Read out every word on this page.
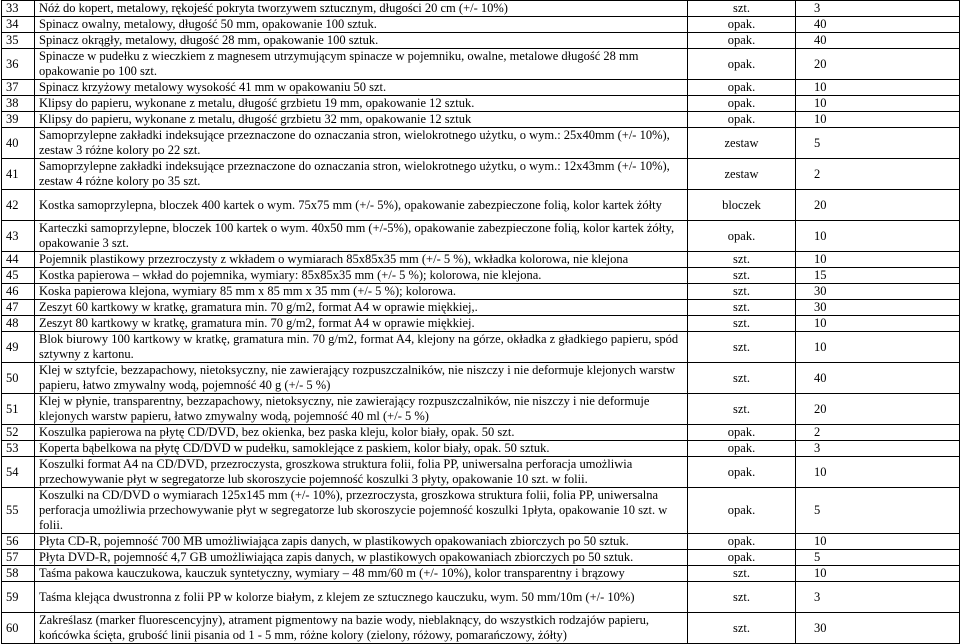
33	Nóż do kopert, metalowy, rękojeść pokryta tworzywem sztucznym, długości 20 cm (+/- 10%)	szt.	3
34	Spinacz owalny, metalowy, długość 50 mm, opakowanie 100 sztuk.	opak.	40
35	Spinacz okrągły, metalowy, długość 28 mm, opakowanie 100 sztuk.	opak.	40
36	Spinacze w pudełku z wieczkiem z magnesem utrzymującym spinacze w pojemniku, owalne, metalowe długość 28 mm opakowanie po 100 szt.	opak.	20
37	Spinacz krzyżowy metalowy wysokość 41 mm w opakowaniu 50 szt.	opak.	10
38	Klipsy do papieru, wykonane z metalu, długość grzbietu 19 mm, opakowanie 12 sztuk.	opak.	10
39	Klipsy do papieru, wykonane z metalu, długość grzbietu 32 mm, opakowanie 12 sztuk	opak.	10
40	Samoprzylepne zakładki indeksujące przeznaczone do oznaczania stron, wielokrotnego użytku, o wym.: 25x40mm (+/- 10%), zestaw 3 różne kolory po 22 szt.	zestaw	5
41	Samoprzylepne zakładki indeksujące przeznaczone do oznaczania stron, wielokrotnego użytku, o wym.: 12x43mm (+/- 10%), zestaw 4 różne kolory po 35 szt.	zestaw	2
42	Kostka samoprzylepna, bloczek 400 kartek o wym. 75x75 mm (+/- 5%), opakowanie zabezpieczone folią, kolor kartek żółty	bloczek	20
43	Karteczki samoprzylepne, bloczek 100 kartek o wym. 40x50 mm (+/-5%), opakowanie zabezpieczone folią, kolor kartek żółty, opakowanie 3 szt.	opak.	10
44	Pojemnik plastikowy przezroczysty z wkładem o wymiarach 85x85x35 mm (+/- 5 %), wkładka kolorowa, nie klejona	szt.	10
45	Kostka papierowa – wkład do pojemnika, wymiary: 85x85x35 mm (+/- 5 %); kolorowa, nie klejona.	szt.	15
46	Koska papierowa klejona, wymiary 85 mm x 85 mm x 35 mm (+/- 5 %); kolorowa.	szt.	30
47	Zeszyt 60 kartkowy w kratkę, gramatura min. 70 g/m2, format A4 w oprawie miękkiej,.	szt.	30
48	Zeszyt 80 kartkowy w kratkę, gramatura min. 70 g/m2, format A4 w oprawie miękkiej.	szt.	10
49	Blok biurowy 100 kartkowy w kratkę, gramatura min. 70 g/m2, format A4, klejony na górze, okładka z gładkiego papieru, spód sztywny z kartonu.	szt.	10
50	Klej w sztyfcie, bezzapachowy, nietoksyczny, nie zawierający rozpuszczalników, nie niszczy i nie deformuje klejonych warstw papieru, łatwo zmywalny wodą, pojemność 40 g (+/- 5 %)	szt.	40
51	Klej w płynie, transparentny, bezzapachowy, nietoksyczny, nie zawierający rozpuszczalników, nie niszczy i nie deformuje klejonych warstw papieru, łatwo zmywalny wodą, pojemność 40 ml (+/- 5 %)	szt.	20
52	Koszulka papierowa na płytę CD/DVD, bez okienka, bez paska kleju, kolor biały, opak. 50 szt.	opak.	2
53	Koperta bąbelkowa na płytę CD/DVD w pudełku, samoklejące z paskiem, kolor biały, opak. 50 sztuk.	opak.	3
54	Koszulki format A4 na CD/DVD, przezroczysta, groszkowa struktura folii, folia PP, uniwersalna perforacja umożliwia przechowywanie płyt w segregatorze lub skoroszycie pojemność koszulki 3 płyty, opakowanie 10 szt. w folii.	opak.	10
55	Koszulki na CD/DVD o wymiarach 125x145 mm (+/- 10%), przezroczysta, groszkowa struktura folii, folia PP, uniwersalna perforacja umożliwia przechowywanie płyt w segregatorze lub skoroszycie pojemność koszulki 1płyta, opakowanie 10 szt. w folii.	opak.	5
56	Płyta CD-R, pojemność 700 MB umożliwiająca zapis danych, w plastikowych opakowaniach zbiorczych po 50 sztuk.	opak.	10
57	Płyta DVD-R, pojemność 4,7 GB umożliwiająca zapis danych, w plastikowych opakowaniach zbiorczych po 50 sztuk.	opak.	5
58	Taśma pakowa kauczukowa, kauczuk syntetyczny, wymiary – 48 mm/60 m (+/- 10%), kolor transparentny i brązowy	szt.	10
59	Taśma klejąca dwustronna z folii PP w kolorze białym, z klejem ze sztucznego kauczuku, wym. 50 mm/10m (+/- 10%)	szt.	3
60	Zakreślasz (marker fluorescencyjny), atrament pigmentowy na bazie wody, nieblaknący, do wszystkich rodzajów papieru, końcówka ścięta, grubość linii pisania od 1 - 5 mm, różne kolory (zielony, różowy, pomarańczowy, żółty)	szt.	30
